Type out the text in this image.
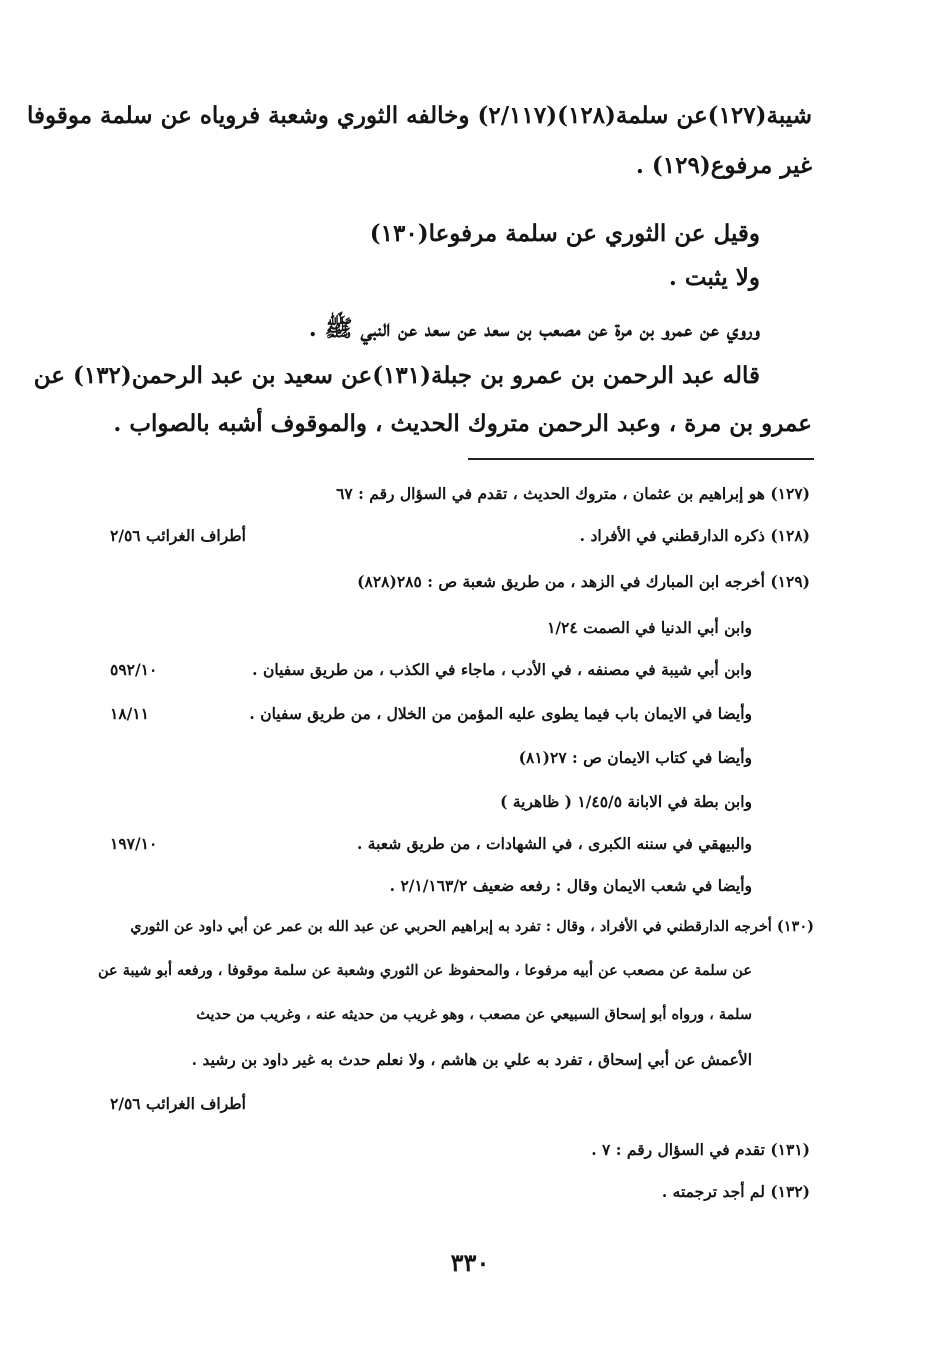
شيبة(١٢٧)عن سلمة(١٢٨)(٢/١١٧) وخالفه الثوري وشعبة فروياه عن سلمة موقوفا
غير مرفوع(١٢٩) .
وقيل عن الثوري عن سلمة مرفوعا(١٣٠)
ولا يثبت .
وروي عن عمرو بن مرة عن مصعب بن سعد عن سعد عن النبي ﷺ .
قاله عبد الرحمن بن عمرو بن جبلة(١٣١)عن سعيد بن عبد الرحمن(١٣٢) عن
عمرو بن مرة ، وعبد الرحمن متروك الحديث ، والموقوف أشبه بالصواب .
(١٢٧) هو إبراهيم بن عثمان ، متروك الحديث ، تقدم في السؤال رقم : ٦٧
(١٢٨) ذكره الدارقطني في الأفراد .
أطراف الغرائب ٢/٥٦
(١٢٩) أخرجه ابن المبارك في الزهد ، من طريق شعبة ص : ٢٨٥(٨٢٨)
وابن أبي الدنيا في الصمت ١/٢٤
وابن أبي شيبة في مصنفه ، في الأدب ، ماجاء في الكذب ، من طريق سفيان .
٥٩٢/١٠
وأيضا في الايمان باب فيما يطوى عليه المؤمن من الخلال ، من طريق سفيان .
١٨/١١
وأيضا في كتاب الايمان ص : ٢٧(٨١)
وابن بطة في الابانة ١/٤٥/٥ ( ظاهرية )
والبيهقي في سننه الكبرى ، في الشهادات ، من طريق شعبة .
١٩٧/١٠
وأيضا في شعب الايمان وقال : رفعه ضعيف ٢/١/١٦٣/٢ .
(١٣٠) أخرجه الدارقطني في الأفراد ، وقال : تفرد به إبراهيم الحربي عن عبد الله بن عمر عن أبي داود عن الثوري
عن سلمة عن مصعب عن أبيه مرفوعا ، والمحفوظ عن الثوري وشعبة عن سلمة موقوفا ، ورفعه أبو شيبة عن
سلمة ، ورواه أبو إسحاق السبيعي عن مصعب ، وهو غريب من حديثه عنه ، وغريب من حديث
الأعمش عن أبي إسحاق ، تفرد به علي بن هاشم ، ولا نعلم حدث به غير داود بن رشيد .
أطراف الغرائب ٢/٥٦
(١٣١) تقدم في السؤال رقم : ٧ .
(١٣٢) لم أجد ترجمته .
٣٣٠
